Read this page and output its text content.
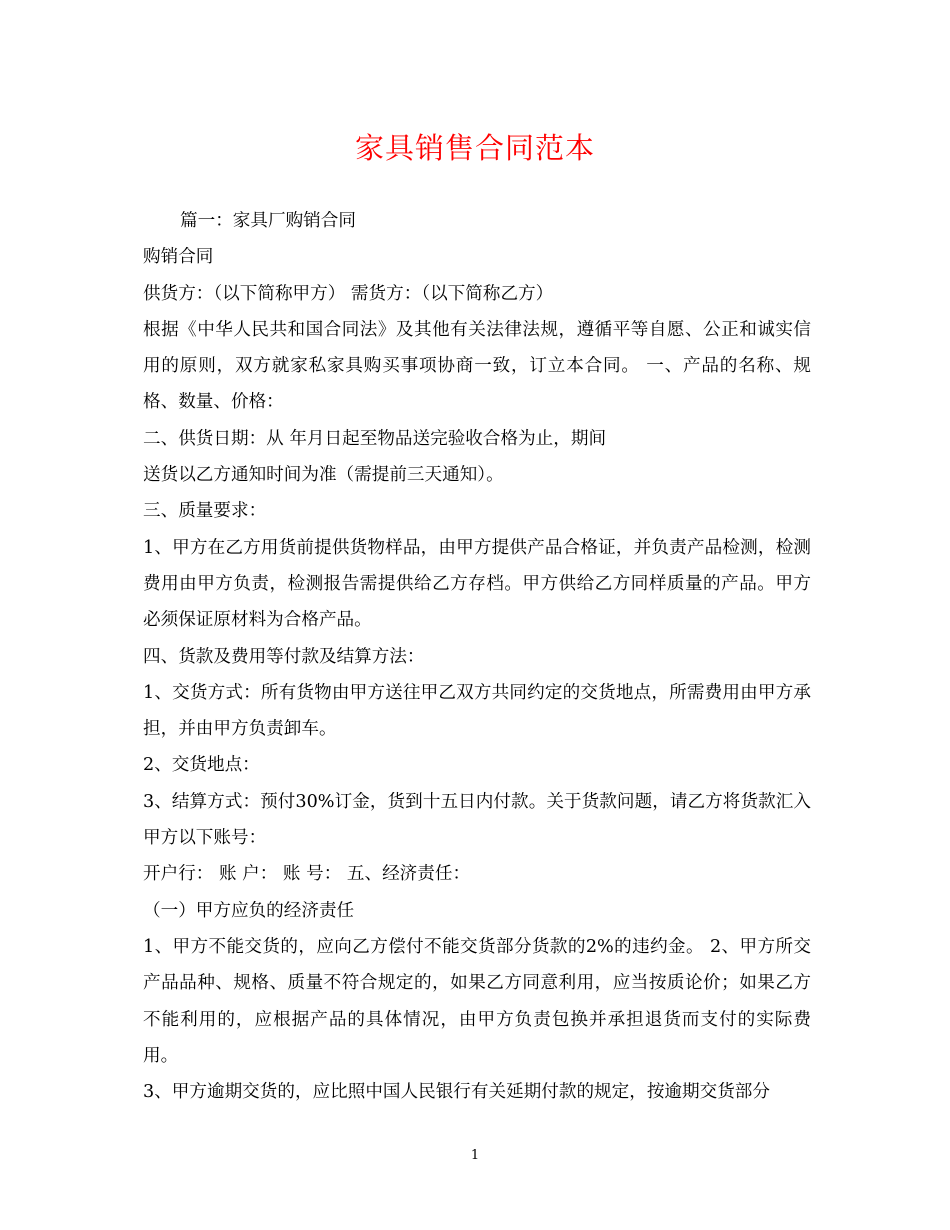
家具销售合同范本

篇一：家具厂购销合同

购销合同

供货方：（以下简称甲方） 需货方：（以下简称乙方）

根据《中华人民共和国合同法》及其他有关法律法规，遵循平等自愿、公正和诚实信用的原则，双方就家私家具购买事项协商一致，订立本合同。 一、产品的名称、规格、数量、价格：

二、供货日期：从 年月日起至物品送完验收合格为止，期间

送货以乙方通知时间为准（需提前三天通知）。

三、质量要求：

1、甲方在乙方用货前提供货物样品，由甲方提供产品合格证，并负责产品检测，检测费用由甲方负责，检测报告需提供给乙方存档。甲方供给乙方同样质量的产品。甲方必须保证原材料为合格产品。

四、货款及费用等付款及结算方法：

1、交货方式：所有货物由甲方送往甲乙双方共同约定的交货地点，所需费用由甲方承担，并由甲方负责卸车。

2、交货地点：

3、结算方式：预付30%订金，货到十五日内付款。关于货款问题，请乙方将货款汇入甲方以下账号：

开户行： 账 户： 账 号： 五、经济责任：

（一）甲方应负的经济责任

1、甲方不能交货的，应向乙方偿付不能交货部分货款的2%的违约金。 2、甲方所交产品品种、规格、质量不符合规定的，如果乙方同意利用，应当按质论价；如果乙方不能利用的，应根据产品的具体情况，由甲方负责包换并承担退货而支付的实际费用。

3、甲方逾期交货的，应比照中国人民银行有关延期付款的规定，按逾期交货部分

1
